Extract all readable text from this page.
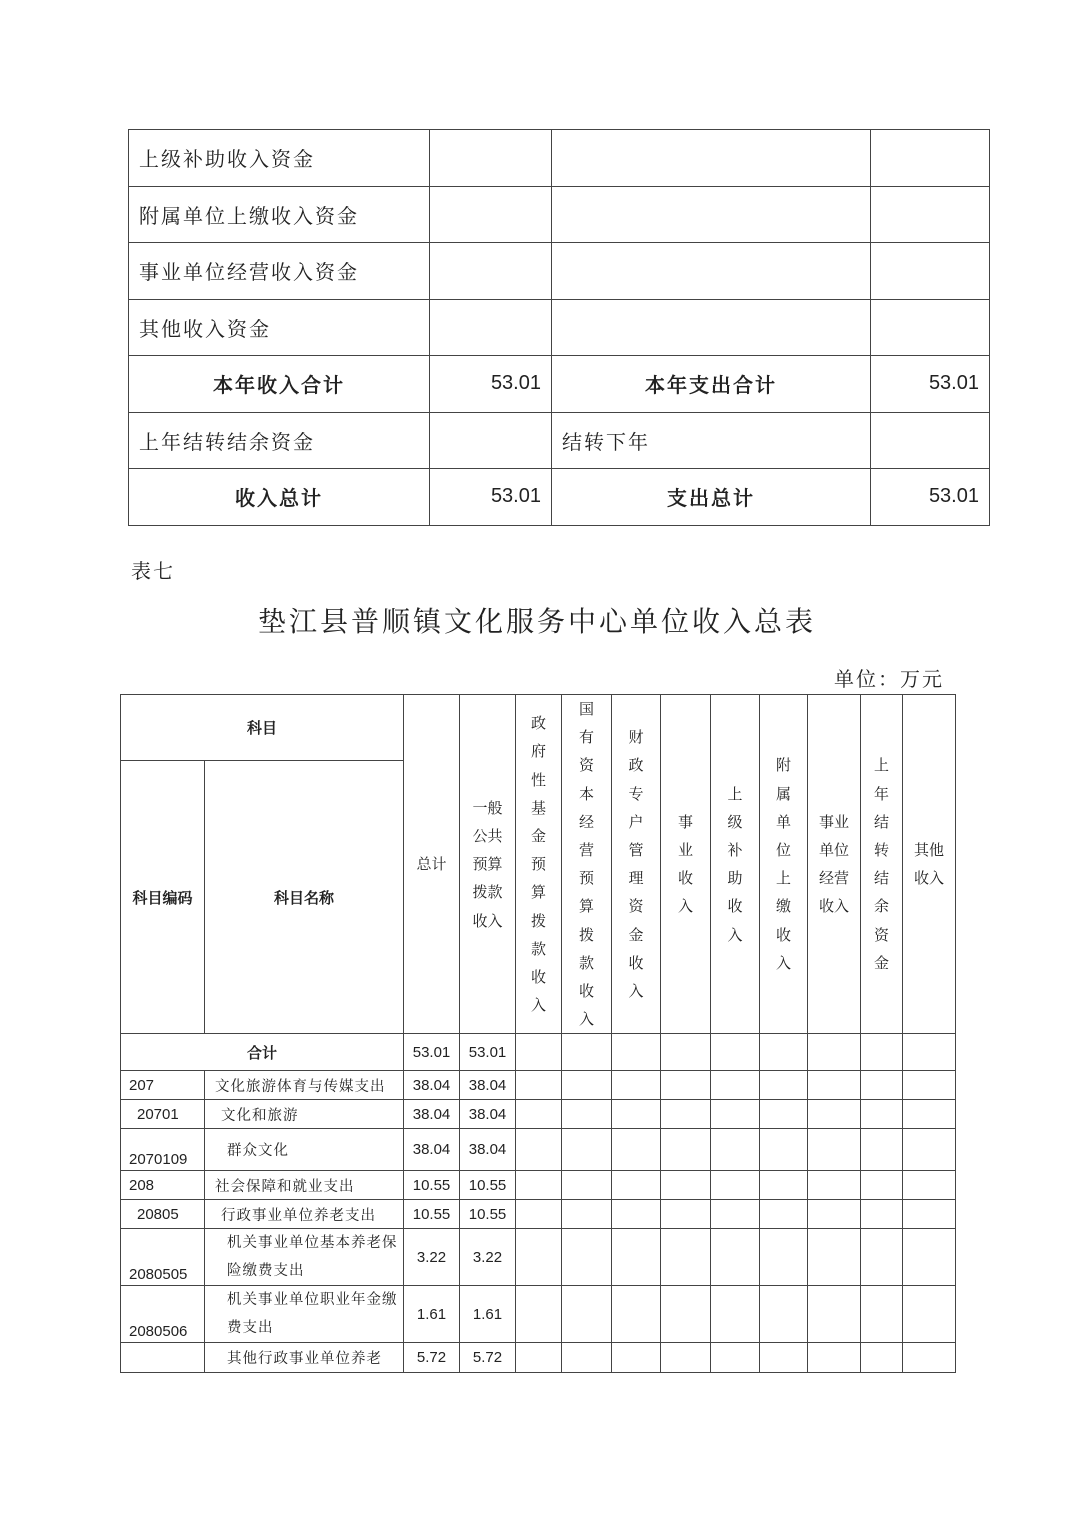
上级补助收入资金			
附属单位上缴收入资金			
事业单位经营收入资金			
其他收入资金			
本年收入合计	53.01	本年支出合计	53.01
上年结转结余资金		结转下年	
收入总计	53.01	支出总计	53.01
表七
垫江县普顺镇文化服务中心单位收入总表
单位：万元
科目		总计	一般公共预算拨款收入	政府性基金预算拨款收入	国有资本经营预算拨款收入	财政专户管理资金收入	事业收入	上级补助收入	附属单位上缴收入	事业单位经营收入	上年结转结余资金	其他收入

科目编码	科目名称											
合计		53.01	53.01									
207	文化旅游体育与传媒支出	38.04	38.04									
20701	文化和旅游	38.04	38.04									
2070109	群众文化	38.04	38.04									
208	社会保障和就业支出	10.55	10.55									
20805	行政事业单位养老支出	10.55	10.55									
2080505	机关事业单位基本养老保险缴费支出	3.22	3.22									
2080506	机关事业单位职业年金缴费支出	1.61	1.61									
	其他行政事业单位养老	5.72	5.72									
